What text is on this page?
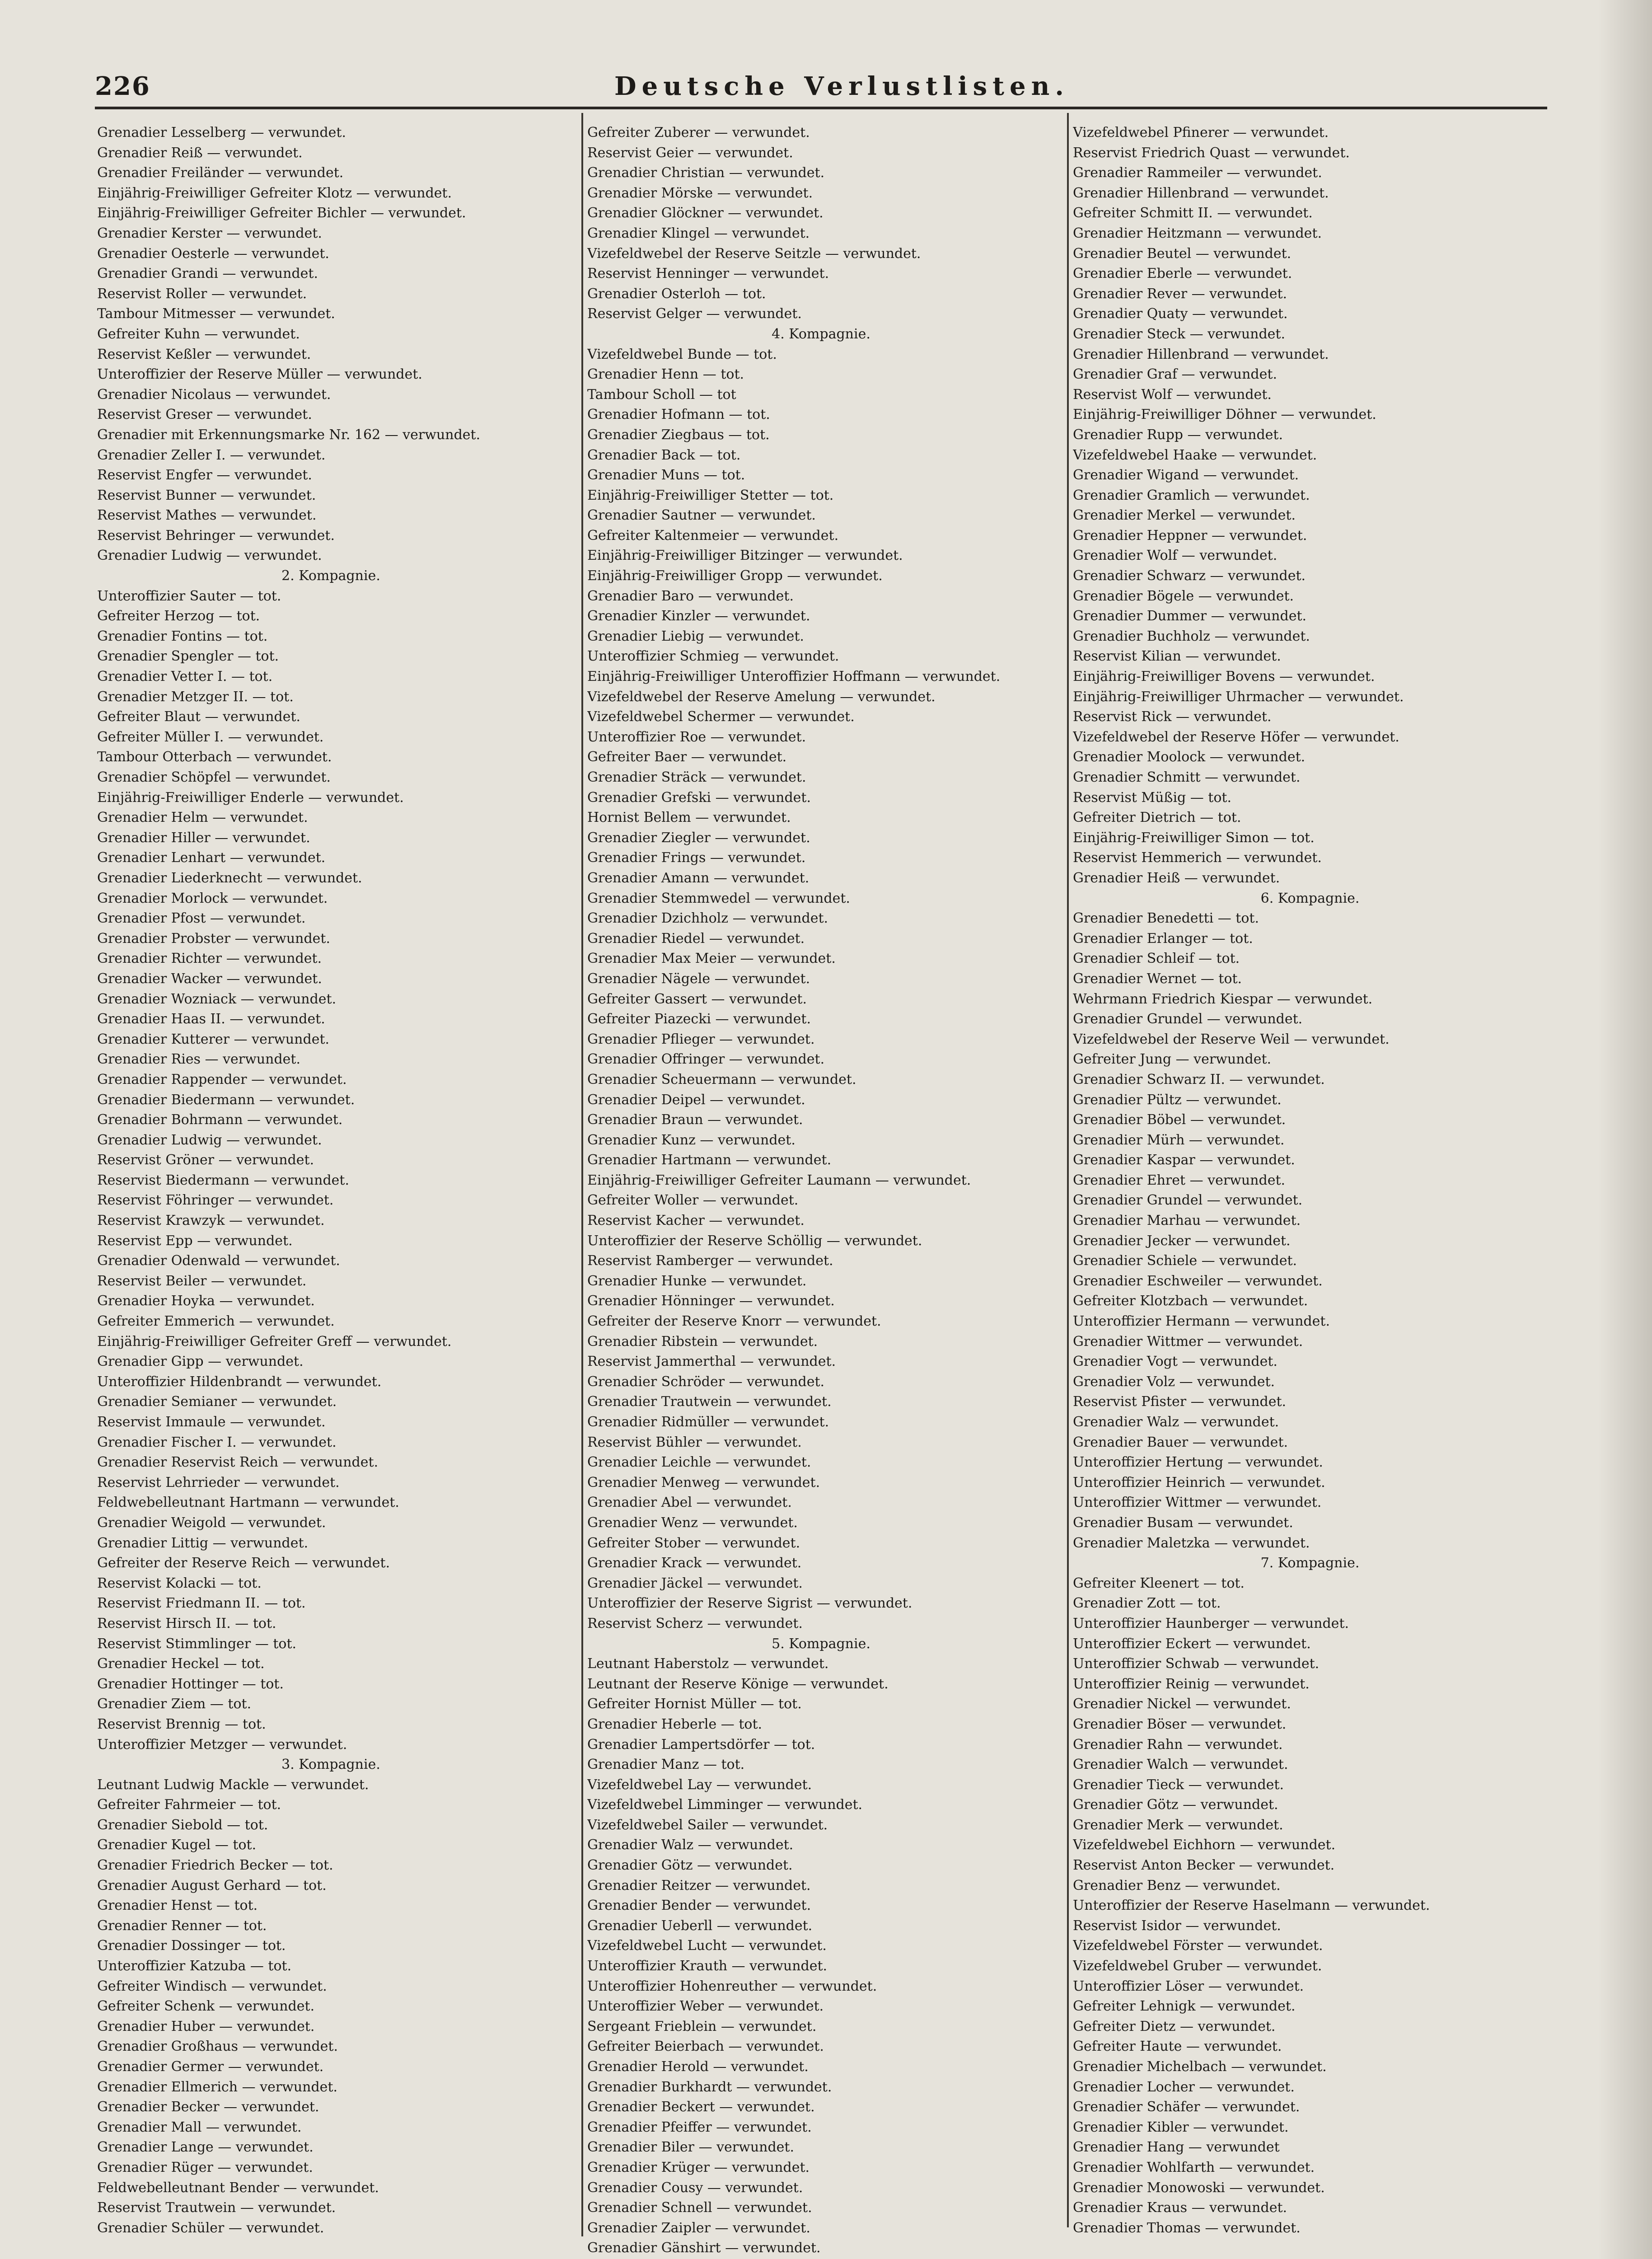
226	Deutsche Verlustlisten.
Grenadier Lesselberg — verwundet.
Grenadier Reiß — verwundet.
Grenadier Freiländer — verwundet.
Einjährig-Freiwilliger Gefreiter Klotz — verwundet.
Einjährig-Freiwilliger Gefreiter Bichler — verwundet.
Grenadier Kerster — verwundet.
Grenadier Oesterle — verwundet.
Grenadier Grandi — verwundet.
Reservist Roller — verwundet.
Tambour Mitmesser — verwundet.
Gefreiter Kuhn — verwundet.
Reservist Keßler — verwundet.
Unteroffizier der Reserve Müller — verwundet.
Grenadier Nicolaus — verwundet.
Reservist Greser — verwundet.
Grenadier mit Erkennungsmarke Nr. 162 — verwundet.
Grenadier Zeller I. — verwundet.
Reservist Engfer — verwundet.
Reservist Bunner — verwundet.
Reservist Mathes — verwundet.
Reservist Behringer — verwundet.
Grenadier Ludwig — verwundet.
2. Kompagnie.
Unteroffizier Sauter — tot.
Gefreiter Herzog — tot.
Grenadier Fontins — tot.
Grenadier Spengler — tot.
Grenadier Vetter I. — tot.
Grenadier Metzger II. — tot.
Gefreiter Blaut — verwundet.
Gefreiter Müller I. — verwundet.
Tambour Otterbach — verwundet.
Grenadier Schöpfel — verwundet.
Einjährig-Freiwilliger Enderle — verwundet.
Grenadier Helm — verwundet.
Grenadier Hiller — verwundet.
Grenadier Lenhart — verwundet.
Grenadier Liederknecht — verwundet.
Grenadier Morlock — verwundet.
Grenadier Pfost — verwundet.
Grenadier Probster — verwundet.
Grenadier Richter — verwundet.
Grenadier Wacker — verwundet.
Grenadier Wozniack — verwundet.
Grenadier Haas II. — verwundet.
Grenadier Kutterer — verwundet.
Grenadier Ries — verwundet.
Grenadier Rappender — verwundet.
Grenadier Biedermann — verwundet.
Grenadier Bohrmann — verwundet.
Grenadier Ludwig — verwundet.
Reservist Gröner — verwundet.
Reservist Biedermann — verwundet.
Reservist Föhringer — verwundet.
Reservist Krawzyk — verwundet.
Reservist Epp — verwundet.
Grenadier Odenwald — verwundet.
Reservist Beiler — verwundet.
Grenadier Hoyka — verwundet.
Gefreiter Emmerich — verwundet.
Einjährig-Freiwilliger Gefreiter Greff — verwundet.
Grenadier Gipp — verwundet.
Unteroffizier Hildenbrandt — verwundet.
Grenadier Semianer — verwundet.
Reservist Immaule — verwundet.
Grenadier Fischer I. — verwundet.
Grenadier Reservist Reich — verwundet.
Reservist Lehrrieder — verwundet.
Feldwebelleutnant Hartmann — verwundet.
Grenadier Weigold — verwundet.
Grenadier Littig — verwundet.
Gefreiter der Reserve Reich — verwundet.
Reservist Kolacki — tot.
Reservist Friedmann II. — tot.
Reservist Hirsch II. — tot.
Reservist Stimmlinger — tot.
Grenadier Heckel — tot.
Grenadier Hottinger — tot.
Grenadier Ziem — tot.
Reservist Brennig — tot.
Unteroffizier Metzger — verwundet.
3. Kompagnie.
Leutnant Ludwig Mackle — verwundet.
Gefreiter Fahrmeier — tot.
Grenadier Siebold — tot.
Grenadier Kugel — tot.
Grenadier Friedrich Becker — tot.
Grenadier August Gerhard — tot.
Grenadier Henst — tot.
Grenadier Renner — tot.
Grenadier Dossinger — tot.
Unteroffizier Katzuba — tot.
Gefreiter Windisch — verwundet.
Gefreiter Schenk — verwundet.
Grenadier Huber — verwundet.
Grenadier Großhaus — verwundet.
Grenadier Germer — verwundet.
Grenadier Ellmerich — verwundet.
Grenadier Becker — verwundet.
Grenadier Mall — verwundet.
Grenadier Lange — verwundet.
Grenadier Rüger — verwundet.
Feldwebelleutnant Bender — verwundet.
Reservist Trautwein — verwundet.
Grenadier Schüler — verwundet.
Gefreiter Zuberer — verwundet.
Reservist Geier — verwundet.
Grenadier Christian — verwundet.
Grenadier Mörske — verwundet.
Grenadier Glöckner — verwundet.
Grenadier Klingel — verwundet.
Vizefeldwebel der Reserve Seitzle — verwundet.
Reservist Henninger — verwundet.
Grenadier Osterloh — tot.
Reservist Gelger — verwundet.
4. Kompagnie.
Vizefeldwebel Bunde — tot.
Grenadier Henn — tot.
Tambour Scholl — tot
Grenadier Hofmann — tot.
Grenadier Ziegbaus — tot.
Grenadier Back — tot.
Grenadier Muns — tot.
Einjährig-Freiwilliger Stetter — tot.
Grenadier Sautner — verwundet.
Gefreiter Kaltenmeier — verwundet.
Einjährig-Freiwilliger Bitzinger — verwundet.
Einjährig-Freiwilliger Gropp — verwundet.
Grenadier Baro — verwundet.
Grenadier Kinzler — verwundet.
Grenadier Liebig — verwundet.
Unteroffizier Schmieg — verwundet.
Einjährig-Freiwilliger Unteroffizier Hoffmann — verwundet.
Vizefeldwebel der Reserve Amelung — verwundet.
Vizefeldwebel Schermer — verwundet.
Unteroffizier Roe — verwundet.
Gefreiter Baer — verwundet.
Grenadier Sträck — verwundet.
Grenadier Grefski — verwundet.
Hornist Bellem — verwundet.
Grenadier Ziegler — verwundet.
Grenadier Frings — verwundet.
Grenadier Amann — verwundet.
Grenadier Stemmwedel — verwundet.
Grenadier Dzichholz — verwundet.
Grenadier Riedel — verwundet.
Grenadier Max Meier — verwundet.
Grenadier Nägele — verwundet.
Gefreiter Gassert — verwundet.
Gefreiter Piazecki — verwundet.
Grenadier Pflieger — verwundet.
Grenadier Offringer — verwundet.
Grenadier Scheuermann — verwundet.
Grenadier Deipel — verwundet.
Grenadier Braun — verwundet.
Grenadier Kunz — verwundet.
Grenadier Hartmann — verwundet.
Einjährig-Freiwilliger Gefreiter Laumann — verwundet.
Gefreiter Woller — verwundet.
Reservist Kacher — verwundet.
Unteroffizier der Reserve Schöllig — verwundet.
Reservist Ramberger — verwundet.
Grenadier Hunke — verwundet.
Grenadier Hönninger — verwundet.
Gefreiter der Reserve Knorr — verwundet.
Grenadier Ribstein — verwundet.
Reservist Jammerthal — verwundet.
Grenadier Schröder — verwundet.
Grenadier Trautwein — verwundet.
Grenadier Ridmüller — verwundet.
Reservist Bühler — verwundet.
Grenadier Leichle — verwundet.
Grenadier Menweg — verwundet.
Grenadier Abel — verwundet.
Grenadier Wenz — verwundet.
Gefreiter Stober — verwundet.
Grenadier Krack — verwundet.
Grenadier Jäckel — verwundet.
Unteroffizier der Reserve Sigrist — verwundet.
Reservist Scherz — verwundet.
5. Kompagnie.
Leutnant Haberstolz — verwundet.
Leutnant der Reserve Könige — verwundet.
Gefreiter Hornist Müller — tot.
Grenadier Heberle — tot.
Grenadier Lampertsdörfer — tot.
Grenadier Manz — tot.
Vizefeldwebel Lay — verwundet.
Vizefeldwebel Limminger — verwundet.
Vizefeldwebel Sailer — verwundet.
Grenadier Walz — verwundet.
Grenadier Götz — verwundet.
Grenadier Reitzer — verwundet.
Grenadier Bender — verwundet.
Grenadier Ueberll — verwundet.
Vizefeldwebel Lucht — verwundet.
Unteroffizier Krauth — verwundet.
Unteroffizier Hohenreuther — verwundet.
Unteroffizier Weber — verwundet.
Sergeant Frieblein — verwundet.
Gefreiter Beierbach — verwundet.
Grenadier Herold — verwundet.
Grenadier Burkhardt — verwundet.
Grenadier Beckert — verwundet.
Grenadier Pfeiffer — verwundet.
Grenadier Biler — verwundet.
Grenadier Krüger — verwundet.
Grenadier Cousy — verwundet.
Grenadier Schnell — verwundet.
Grenadier Zaipler — verwundet.
Grenadier Gänshirt — verwundet.
Vizefeldwebel Pfinerer — verwundet.
Reservist Friedrich Quast — verwundet.
Grenadier Rammeiler — verwundet.
Grenadier Hillenbrand — verwundet.
Gefreiter Schmitt II. — verwundet.
Grenadier Heitzmann — verwundet.
Grenadier Beutel — verwundet.
Grenadier Eberle — verwundet.
Grenadier Rever — verwundet.
Grenadier Quaty — verwundet.
Grenadier Steck — verwundet.
Grenadier Hillenbrand — verwundet.
Grenadier Graf — verwundet.
Reservist Wolf — verwundet.
Einjährig-Freiwilliger Döhner — verwundet.
Grenadier Rupp — verwundet.
Vizefeldwebel Haake — verwundet.
Grenadier Wigand — verwundet.
Grenadier Gramlich — verwundet.
Grenadier Merkel — verwundet.
Grenadier Heppner — verwundet.
Grenadier Wolf — verwundet.
Grenadier Schwarz — verwundet.
Grenadier Bögele — verwundet.
Grenadier Dummer — verwundet.
Grenadier Buchholz — verwundet.
Reservist Kilian — verwundet.
Einjährig-Freiwilliger Bovens — verwundet.
Einjährig-Freiwilliger Uhrmacher — verwundet.
Reservist Rick — verwundet.
Vizefeldwebel der Reserve Höfer — verwundet.
Grenadier Moolock — verwundet.
Grenadier Schmitt — verwundet.
Reservist Müßig — tot.
Gefreiter Dietrich — tot.
Einjährig-Freiwilliger Simon — tot.
Reservist Hemmerich — verwundet.
Grenadier Heiß — verwundet.
6. Kompagnie.
Grenadier Benedetti — tot.
Grenadier Erlanger — tot.
Grenadier Schleif — tot.
Grenadier Wernet — tot.
Wehrmann Friedrich Kiespar — verwundet.
Grenadier Grundel — verwundet.
Vizefeldwebel der Reserve Weil — verwundet.
Gefreiter Jung — verwundet.
Grenadier Schwarz II. — verwundet.
Grenadier Pültz — verwundet.
Grenadier Böbel — verwundet.
Grenadier Mürh — verwundet.
Grenadier Kaspar — verwundet.
Grenadier Ehret — verwundet.
Grenadier Grundel — verwundet.
Grenadier Marhau — verwundet.
Grenadier Jecker — verwundet.
Grenadier Schiele — verwundet.
Grenadier Eschweiler — verwundet.
Gefreiter Klotzbach — verwundet.
Unteroffizier Hermann — verwundet.
Grenadier Wittmer — verwundet.
Grenadier Vogt — verwundet.
Grenadier Volz — verwundet.
Reservist Pfister — verwundet.
Grenadier Walz — verwundet.
Grenadier Bauer — verwundet.
Unteroffizier Hertung — verwundet.
Unteroffizier Heinrich — verwundet.
Unteroffizier Wittmer — verwundet.
Grenadier Busam — verwundet.
Grenadier Maletzka — verwundet.
7. Kompagnie.
Gefreiter Kleenert — tot.
Grenadier Zott — tot.
Unteroffizier Haunberger — verwundet.
Unteroffizier Eckert — verwundet.
Unteroffizier Schwab — verwundet.
Unteroffizier Reinig — verwundet.
Grenadier Nickel — verwundet.
Grenadier Böser — verwundet.
Grenadier Rahn — verwundet.
Grenadier Walch — verwundet.
Grenadier Tieck — verwundet.
Grenadier Götz — verwundet.
Grenadier Merk — verwundet.
Vizefeldwebel Eichhorn — verwundet.
Reservist Anton Becker — verwundet.
Grenadier Benz — verwundet.
Unteroffizier der Reserve Haselmann — verwundet.
Reservist Isidor — verwundet.
Vizefeldwebel Förster — verwundet.
Vizefeldwebel Gruber — verwundet.
Unteroffizier Löser — verwundet.
Gefreiter Lehnigk — verwundet.
Gefreiter Dietz — verwundet.
Gefreiter Haute — verwundet.
Grenadier Michelbach — verwundet.
Grenadier Locher — verwundet.
Grenadier Schäfer — verwundet.
Grenadier Kibler — verwundet.
Grenadier Hang — verwundet
Grenadier Wohlfarth — verwundet.
Grenadier Monowoski — verwundet.
Grenadier Kraus — verwundet.
Grenadier Thomas — verwundet.
